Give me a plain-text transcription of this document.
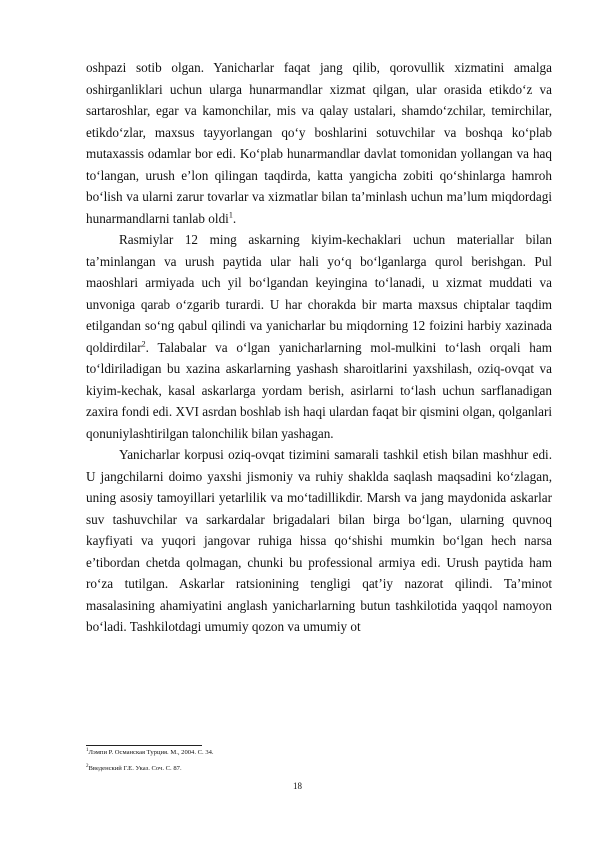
oshpazi sotib olgan. Yanicharlar faqat jang qilib, qorovullik xizmatini amalga oshirganliklari uchun ularga hunarmandlar xizmat qilgan, ular orasida etikdo‘z va sartaroshlar, egar va kamonchilar, mis va qalay ustalari, shamdo‘zchilar, temirchilar, etikdo‘zlar, maxsus tayyorlangan qo‘y boshlarini sotuvchilar va boshqa ko‘plab mutaxassis odamlar bor edi. Ko‘plab hunarmandlar davlat tomonidan yollangan va haq to‘langan, urush e’lon qilingan taqdirda, katta yangicha zobiti qo‘shinlarga hamroh bo‘lish va ularni zarur tovarlar va xizmatlar bilan ta’minlash uchun ma’lum miqdordagi hunarmandlarni tanlab oldi$^1$.

Rasmiylar 12 ming askarning kiyim-kechaklari uchun materiallar bilan ta’minlangan va urush paytida ular hali yo‘q bo‘lganlarga qurol berishgan. Pul maoshlari armiyada uch yil bo‘lgandan keyingina to‘lanadi, u xizmat muddati va unvoniga qarab o‘zgarib turardi. U har chorakda bir marta maxsus chiptalar taqdim etilgandan so‘ng qabul qilindi va yanicharlar bu miqdorning 12 foizini harbiy xazinada qoldirdilar$^2$. Talabalar va o‘lgan yanicharlarning mol-mulkini to‘lash orqali ham to‘ldiriladigan bu xazina askarlarning yashash sharoitlarini yaxshilash, oziq-ovqat va kiyim-kechak, kasal askarlarga yordam berish, asirlarni to‘lash uchun sarflanadigan zaxira fondi edi. XVI asrdan boshlab ish haqi ulardan faqat bir qismini olgan, qolganlari qonuniylashtirilgan talonchilik bilan yashagan.

Yanicharlar korpusi oziq-ovqat tizimini samarali tashkil etish bilan mashhur edi. U jangchilarni doimo yaxshi jismoniy va ruhiy shaklda saqlash maqsadini ko‘zlagan, uning asosiy tamoyillari yetarlilik va mo‘tadillikdir. Marsh va jang maydonida askarlar suv tashuvchilar va sarkardalar brigadalari bilan birga bo‘lgan, ularning quvnoq kayfiyati va yuqori jangovar ruhiga hissa qo‘shishi mumkin bo‘lgan hech narsa e’tibordan chetda qolmagan, chunki bu professional armiya edi. Urush paytida ham ro‘za tutilgan. Askarlar ratsionining tengligi qat’iy nazorat qilindi. Ta’minot masalasining ahamiyatini anglash yanicharlarning butun tashkilotida yaqqol namoyon bo‘ladi. Tashkilotdagi umumiy qozon va umumiy ot

$^1$Лэмпи Р. Османская Турция. М., 2004. С. 34.
$^2$Введенский Г.Е. Указ. Соч. С. 87.
18
